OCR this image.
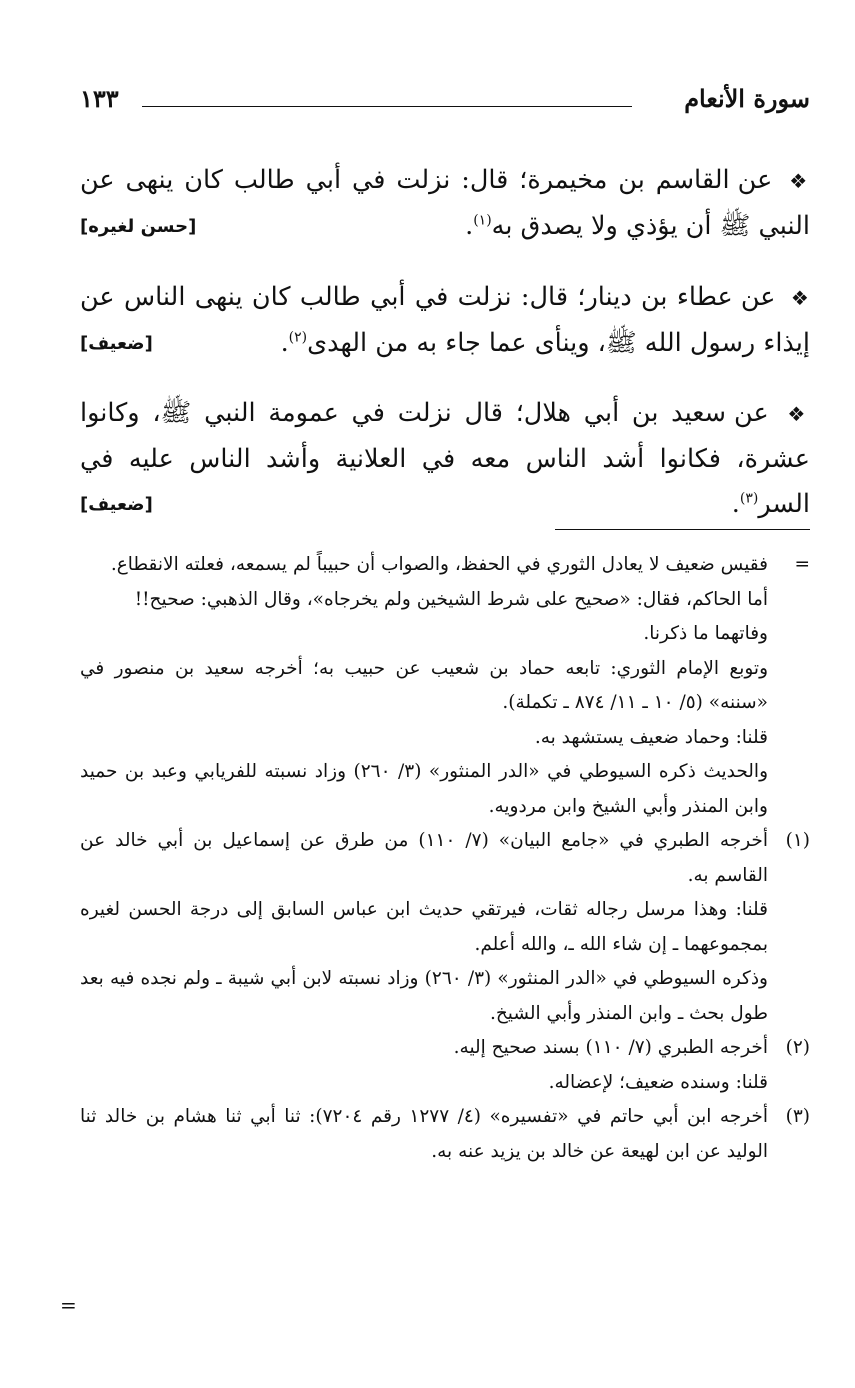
سورة الأنعام
١٣٣

❖ عن القاسم بن مخيمرة؛ قال: نزلت في أبي طالب كان ينهى عن النبي ﷺ أن يؤذي ولا يصدق به$^{(١)}$.
[حسن لغيره]

❖ عن عطاء بن دينار؛ قال: نزلت في أبي طالب كان ينهى الناس عن إيذاء رسول الله ﷺ، وينأى عما جاء به من الهدى$^{(٢)}$.
[ضعيف]

❖ عن سعيد بن أبي هلال؛ قال نزلت في عمومة النبي ﷺ، وكانوا عشرة، فكانوا أشد الناس معه في العلانية وأشد الناس عليه في السر$^{(٣)}$.
[ضعيف]

=
فقيس ضعيف لا يعادل الثوري في الحفظ، والصواب أن حبيباً لم يسمعه، فعلته الانقطاع.
أما الحاكم، فقال: «صحيح على شرط الشيخين ولم يخرجاه»، وقال الذهبي: صحيح!!
وفاتهما ما ذكرنا.
وتوبع الإمام الثوري: تابعه حماد بن شعيب عن حبيب به؛ أخرجه سعيد بن منصور في «سننه» (٥/ ١٠ ـ ١١/ ٨٧٤ ـ تكملة).
قلنا: وحماد ضعيف يستشهد به.
والحديث ذكره السيوطي في «الدر المنثور» (٣/ ٢٦٠) وزاد نسبته للفريابي وعبد بن حميد وابن المنذر وأبي الشيخ وابن مردويه.
(١)
أخرجه الطبري في «جامع البيان» (٧/ ١١٠) من طرق عن إسماعيل بن أبي خالد عن القاسم به.
قلنا: وهذا مرسل رجاله ثقات، فيرتقي حديث ابن عباس السابق إلى درجة الحسن لغيره بمجموعهما ـ إن شاء الله ـ، والله أعلم.
وذكره السيوطي في «الدر المنثور» (٣/ ٢٦٠) وزاد نسبته لابن أبي شيبة ـ ولم نجده فيه بعد طول بحث ـ وابن المنذر وأبي الشيخ.
(٢)
أخرجه الطبري (٧/ ١١٠) بسند صحيح إليه.
قلنا: وسنده ضعيف؛ لإعضاله.
(٣)
أخرجه ابن أبي حاتم في «تفسيره» (٤/ ١٢٧٧ رقم ٧٢٠٤): ثنا أبي ثنا هشام بن خالد ثنا الوليد عن ابن لهيعة عن خالد بن يزيد عنه به.
=
